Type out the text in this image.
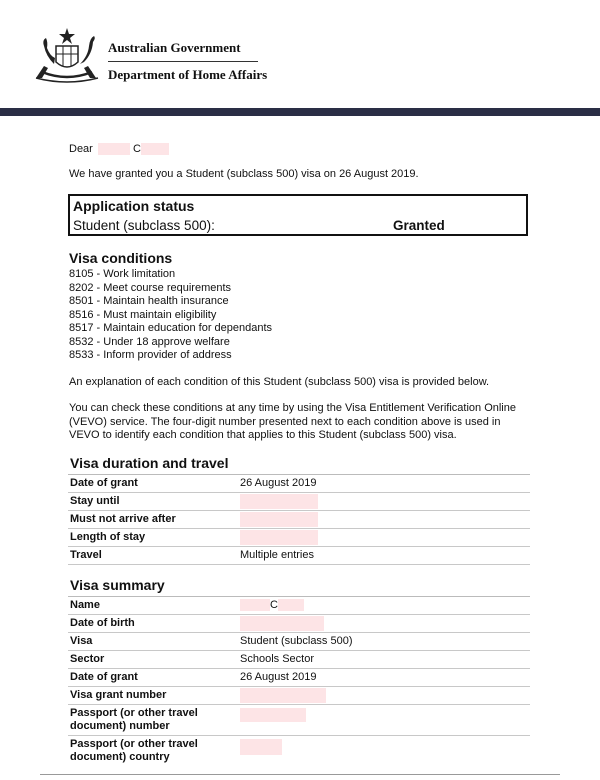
Australian Government
Department of Home Affairs
Dear	C
We have granted you a Student (subclass 500) visa on 26 August 2019.
Application status
Student (subclass 500):	Granted
Visa conditions
8105 - Work limitation
8202 - Meet course requirements
8501 - Maintain health insurance
8516 - Must maintain eligibility
8517 - Maintain education for dependants
8532 - Under 18 approve welfare
8533 - Inform provider of address
An explanation of each condition of this Student (subclass 500) visa is provided below.
You can check these conditions at any time by using the Visa Entitlement Verification Online (VEVO) service. The four-digit number presented next to each condition above is used in VEVO to identify each condition that applies to this Student (subclass 500) visa.
Visa duration and travel
Date of grant	26 August 2019
Stay until
Must not arrive after
Length of stay
Travel	Multiple entries
Visa summary
Name	C
Date of birth
Visa	Student (subclass 500)
Sector	Schools Sector
Date of grant	26 August 2019
Visa grant number
Passport (or other travel document) number
Passport (or other travel document) country
